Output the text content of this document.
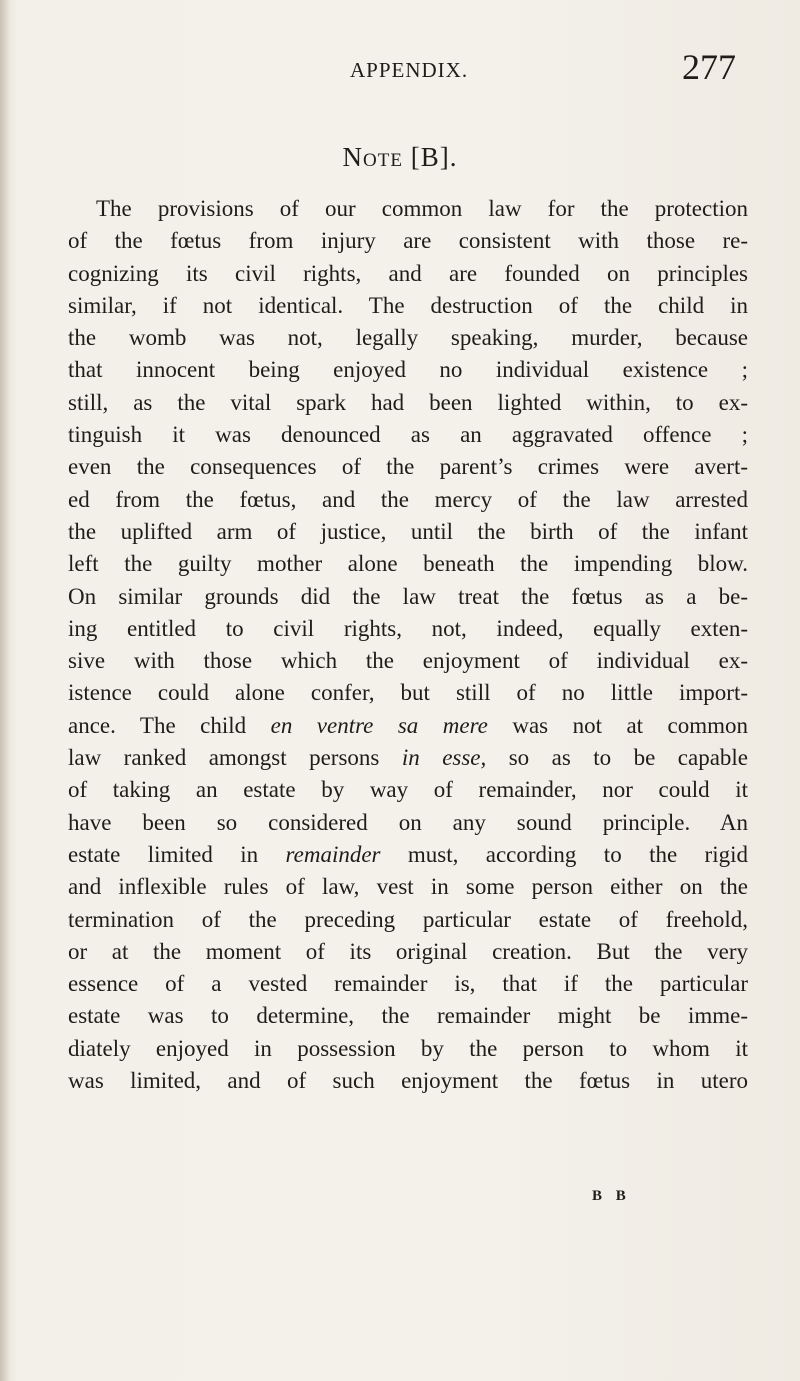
APPENDIX.	277
Note [B].
The provisions of our common law for the protection
of the fœtus from injury are consistent with those re-
cognizing its civil rights, and are founded on principles
similar, if not identical. The destruction of the child in
the womb was not, legally speaking, murder, because
that innocent being enjoyed no individual existence ;
still, as the vital spark had been lighted within, to ex-
tinguish it was denounced as an aggravated offence ;
even the consequences of the parent’s crimes were avert-
ed from the fœtus, and the mercy of the law arrested
the uplifted arm of justice, until the birth of the infant
left the guilty mother alone beneath the impending blow.
On similar grounds did the law treat the fœtus as a be-
ing entitled to civil rights, not, indeed, equally exten-
sive with those which the enjoyment of individual ex-
istence could alone confer, but still of no little import-
ance. The child en ventre sa mere was not at common
law ranked amongst persons in esse, so as to be capable
of taking an estate by way of remainder, nor could it
have been so considered on any sound principle. An
estate limited in remainder must, according to the rigid
and inflexible rules of law, vest in some person either on the
termination of the preceding particular estate of freehold,
or at the moment of its original creation. But the very
essence of a vested remainder is, that if the particular
estate was to determine, the remainder might be imme-
diately enjoyed in possession by the person to whom it
was limited, and of such enjoyment the fœtus in utero
B B
